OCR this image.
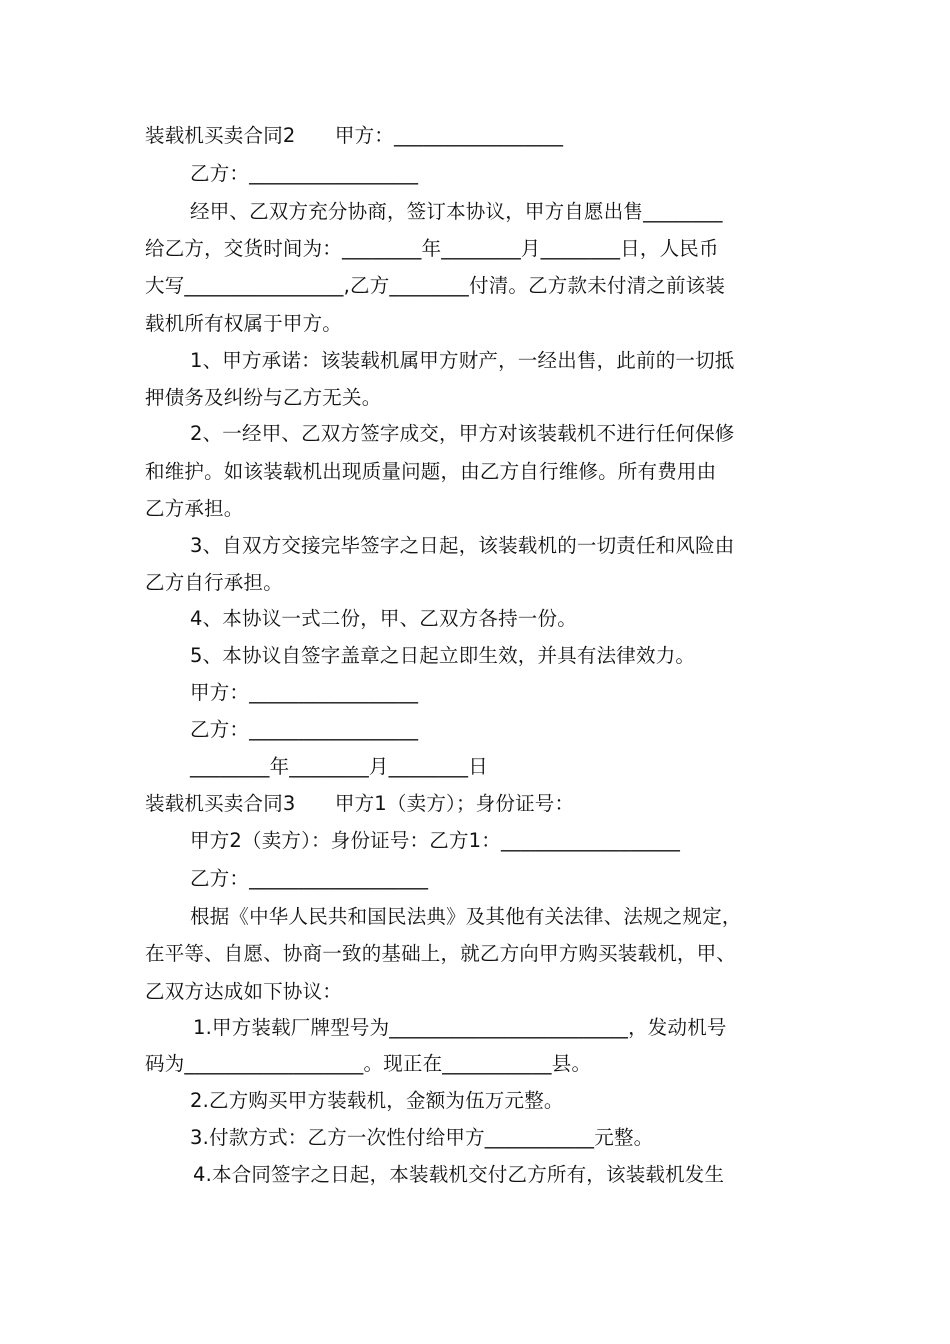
装载机买卖合同2　　甲方：_________________
乙方：_________________
经甲、乙双方充分协商，签订本协议，甲方自愿出售________
给乙方，交货时间为：________年________月________日，人民币
大写________________,乙方________付清。乙方款未付清之前该装
载机所有权属于甲方。
1、甲方承诺：该装载机属甲方财产，一经出售，此前的一切抵
押债务及纠纷与乙方无关。
2、一经甲、乙双方签字成交，甲方对该装载机不进行任何保修
和维护。如该装载机出现质量问题，由乙方自行维修。所有费用由
乙方承担。
3、自双方交接完毕签字之日起，该装载机的一切责任和风险由
乙方自行承担。
4、本协议一式二份，甲、乙双方各持一份。
5、本协议自签字盖章之日起立即生效，并具有法律效力。
甲方：_________________
乙方：_________________
________年________月________日
装载机买卖合同3　　甲方1（卖方）；身份证号：
甲方2（卖方）：身份证号：乙方1：__________________
乙方：__________________
根据《中华人民共和国民法典》及其他有关法律、法规之规定，
在平等、自愿、协商一致的基础上，就乙方向甲方购买装载机，甲、
乙双方达成如下协议：
1.甲方装载厂牌型号为________________________，发动机号
码为__________________。现正在___________县。
2.乙方购买甲方装载机，金额为伍万元整。
3.付款方式：乙方一次性付给甲方___________元整。
4.本合同签字之日起，本装载机交付乙方所有，该装载机发生
